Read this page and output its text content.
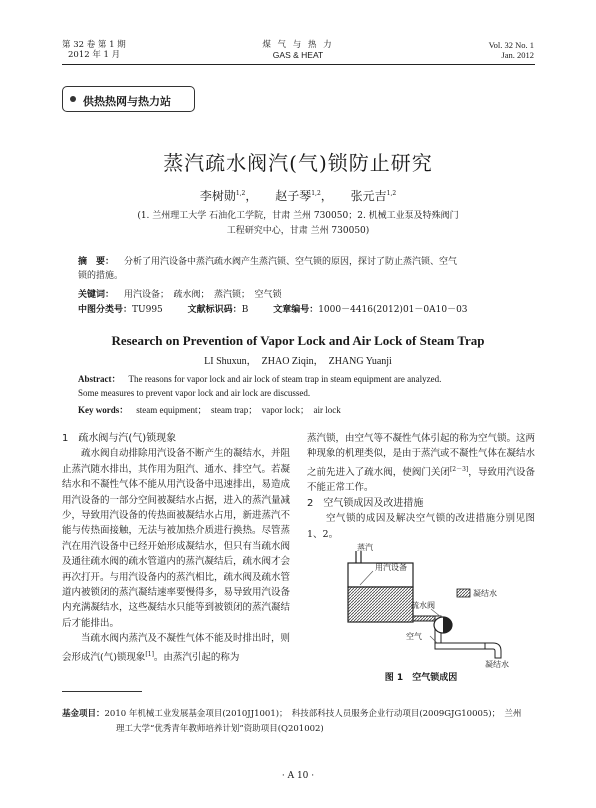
第 32 卷 第 1 期
2012 年 1 月
煤 气 与 热 力
GAS & HEAT
Vol. 32 No. 1
Jan. 2012
供热热网与热力站
蒸汽疏水阀汽(气)锁防止研究
李树勋$^{1,2}$， 赵子琴$^{1,2}$， 张元吉$^{1,2}$
(1. 兰州理工大学 石油化工学院，甘肃 兰州 730050；2. 机械工业泵及特殊阀门
工程研究中心，甘肃 兰州 730050)
摘　要： 分析了用汽设备中蒸汽疏水阀产生蒸汽锁、空气锁的原因，探讨了防止蒸汽锁、空气
锁的措施。
关键词： 用汽设备；　疏水阀；　蒸汽锁；　空气锁
中图分类号：TU995	文献标识码：B	文章编号：1000－4416(2012)01－0A10－03
Research on Prevention of Vapor Lock and Air Lock of Steam Trap
LI Shuxun，　ZHAO Ziqin，　ZHANG Yuanji
Abstract： The reasons for vapor lock and air lock of steam trap in steam equipment are analyzed.
Some measures to prevent vapor lock and air lock are discussed.
Key words： steam equipment；　steam trap；　vapor lock；　air lock

1　疏水阀与汽(气)锁现象

疏水阀自动排除用汽设备不断产生的凝结水，并阻止蒸汽随水排出，其作用为阻汽、通水、排空气。若凝结水和不凝性气体不能从用汽设备中迅速排出，易造成用汽设备的一部分空间被凝结水占据，进入的蒸汽量减少，导致用汽设备的传热面被凝结水占用，新进蒸汽不能与传热面接触，无法与被加热介质进行换热。尽管蒸汽在用汽设备中已经开始形成凝结水，但只有当疏水阀及通往疏水阀的疏水管道内的蒸汽凝结后，疏水阀才会再次打开。与用汽设备内的蒸汽相比，疏水阀及疏水管道内被锁闭的蒸汽凝结速率要慢得多，易导致用汽设备内充满凝结水，这些凝结水只能等到被锁闭的蒸汽凝结后才能排出。

当疏水阀内蒸汽及不凝性气体不能及时排出时，则会形成汽(气)锁现象[1]。由蒸汽引起的称为

蒸汽锁，由空气等不凝性气体引起的称为空气锁。这两种现象的机理类似，是由于蒸汽或不凝性气体在凝结水之前先进入了疏水阀，使阀门关闭[2－3]，导致用汽设备不能正常工作。

2　空气锁成因及改进措施

空气锁的成因及解决空气锁的改进措施分别见图 1、2。

蒸汽
用汽设备
疏水阀
空气
凝结水
凝结水
图 1　空气锁成因
基金项目：2010 年机械工业发展基金项目(2010JJ1001)；　科技部科技人员服务企业行动项目(2009GJG10005)；　兰州
理工大学“优秀青年教师培养计划”资助项目(Q201002)
· A 10 ·
